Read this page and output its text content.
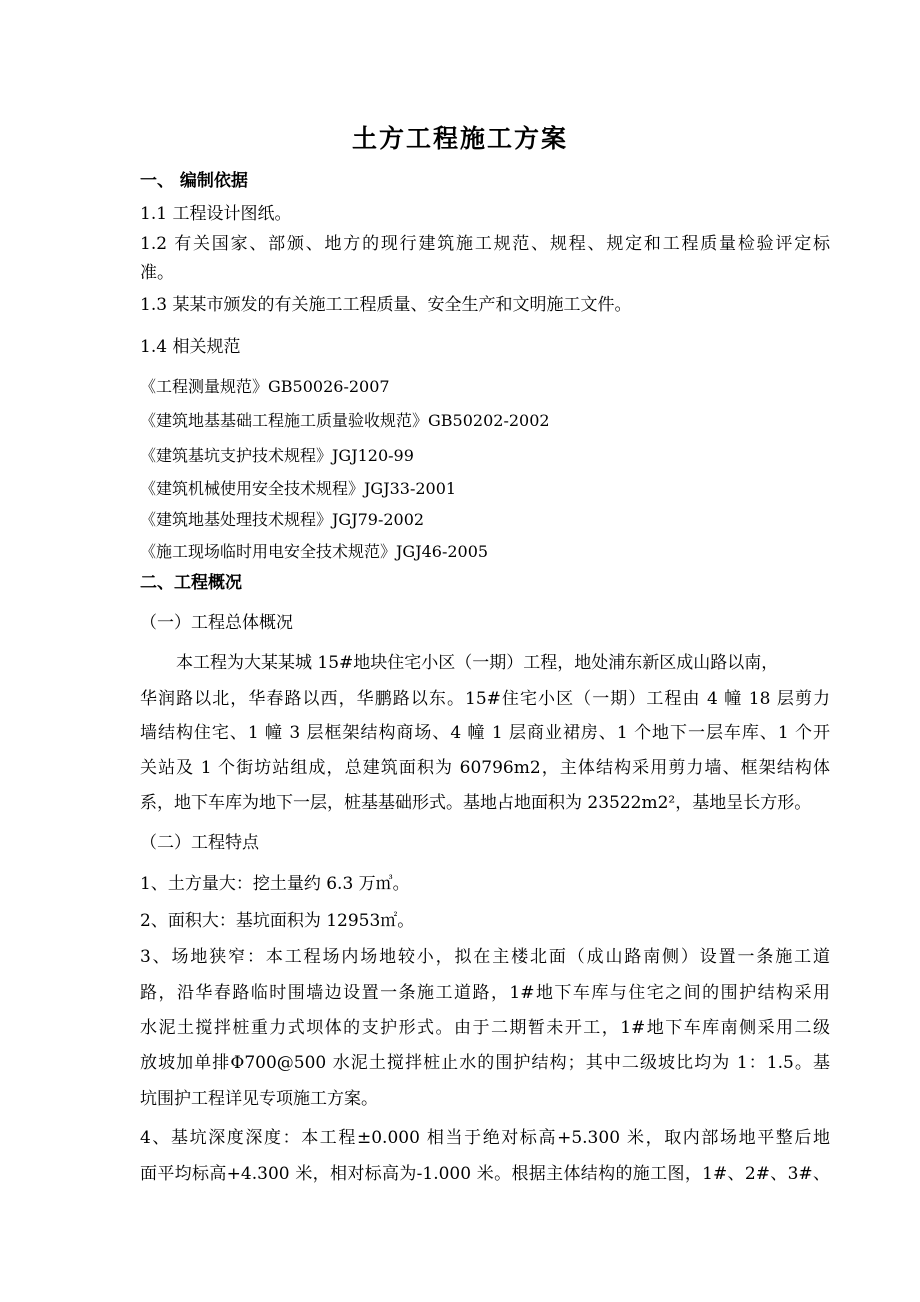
土方工程施工方案
一、 编制依据
1.1 工程设计图纸。
1.2 有关国家、部颁、地方的现行建筑施工规范、规程、规定和工程质量检验评定标
准。
1.3 某某市颁发的有关施工工程质量、安全生产和文明施工文件。
1.4 相关规范
《工程测量规范》GB50026-2007
《建筑地基基础工程施工质量验收规范》GB50202-2002
《建筑基坑支护技术规程》JGJ120-99
《建筑机械使用安全技术规程》JGJ33-2001
《建筑地基处理技术规程》JGJ79-2002
《施工现场临时用电安全技术规范》JGJ46-2005
二、工程概况
（一）工程总体概况
本工程为大某某城 15#地块住宅小区（一期）工程，地处浦东新区成山路以南，
华润路以北，华春路以西，华鹏路以东。15#住宅小区（一期）工程由 4 幢 18 层剪力
墙结构住宅、1 幢 3 层框架结构商场、4 幢 1 层商业裙房、1 个地下一层车库、1 个开
关站及 1 个街坊站组成，总建筑面积为 60796m2，主体结构采用剪力墙、框架结构体
系，地下车库为地下一层，桩基基础形式。基地占地面积为 23522m2²，基地呈长方形。
（二）工程特点
1、土方量大：挖土量约 6.3 万㎥。
2、面积大：基坑面积为 12953㎡。
3、场地狭窄：本工程场内场地较小，拟在主楼北面（成山路南侧）设置一条施工道
路，沿华春路临时围墙边设置一条施工道路，1#地下车库与住宅之间的围护结构采用
水泥土搅拌桩重力式坝体的支护形式。由于二期暂未开工，1#地下车库南侧采用二级
放坡加单排Φ700@500 水泥土搅拌桩止水的围护结构；其中二级坡比均为 1：1.5。基
坑围护工程详见专项施工方案。
4、基坑深度深度：本工程±0.000 相当于绝对标高+5.300 米，取内部场地平整后地
面平均标高+4.300 米，相对标高为-1.000 米。根据主体结构的施工图，1#、2#、3#、
